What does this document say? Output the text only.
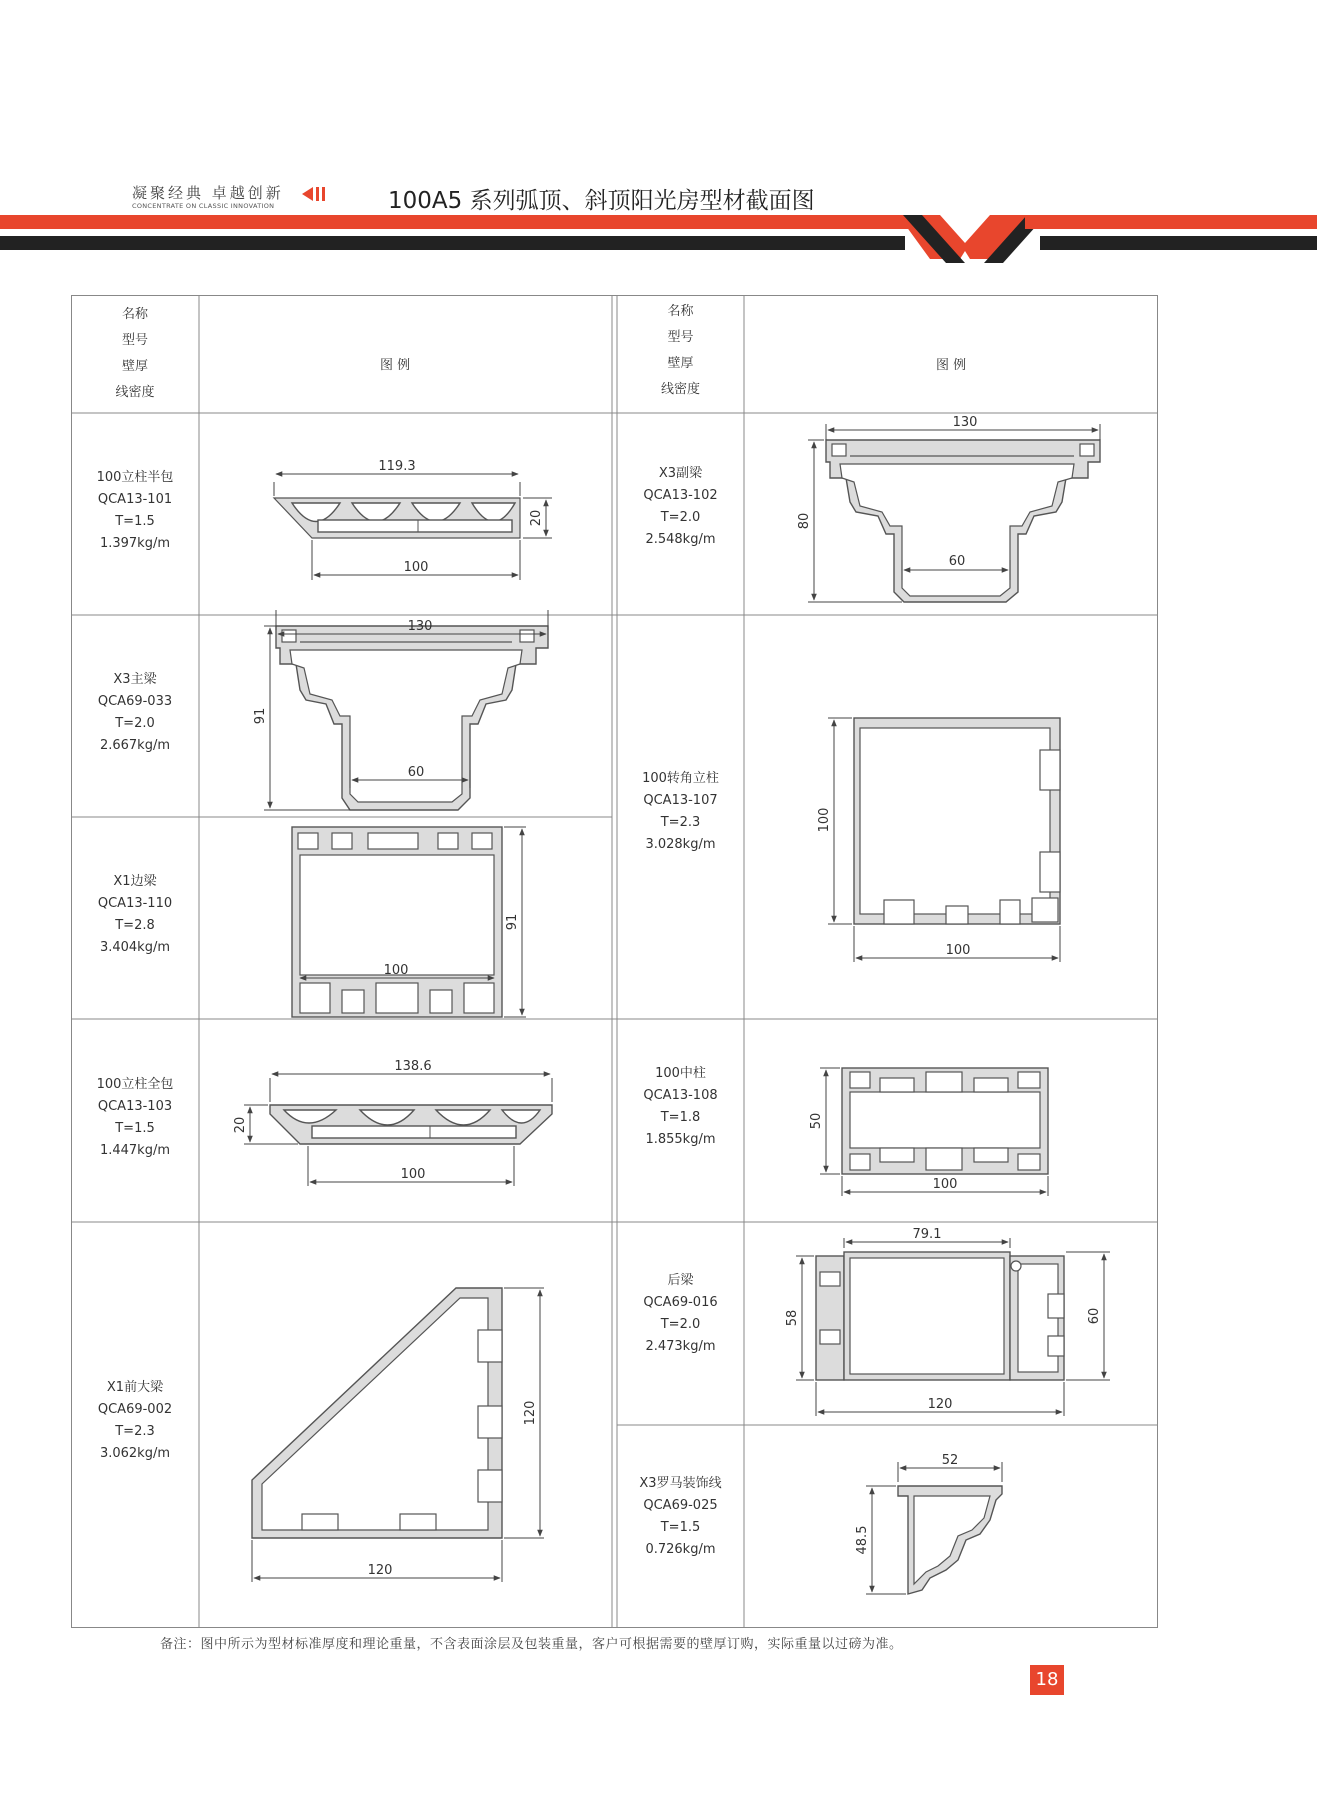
凝聚经典 卓越创新
CONCENTRATE ON CLASSIC INNOVATION	100A5 系列弧顶、斜顶阳光房型材截面图
名称
型号
壁厚
线密度
图 例
名称
型号
壁厚
线密度
图 例
100立柱半包
QCA13-101
T=1.5
1.397kg/m
X3主梁
QCA69-033
T=2.0
2.667kg/m
X1边梁
QCA13-110
T=2.8
3.404kg/m
100立柱全包
QCA13-103
T=1.5
1.447kg/m
X1前大梁
QCA69-002
T=2.3
3.062kg/m
X3副梁
QCA13-102
T=2.0
2.548kg/m
100转角立柱
QCA13-107
T=2.3
3.028kg/m
100中柱
QCA13-108
T=1.8
1.855kg/m
后梁
QCA69-016
T=2.0
2.473kg/m
X3罗马装饰线
QCA69-025
T=1.5
0.726kg/m
119.3
100
20
130
60
91
100
91
138.6
100
20
120
120
130
60
80
100
100
100
50
79.1
120
58	60
52
48.5
备注：图中所示为型材标准厚度和理论重量，不含表面涂层及包装重量，客户可根据需要的壁厚订购，实际重量以过磅为准。
18
